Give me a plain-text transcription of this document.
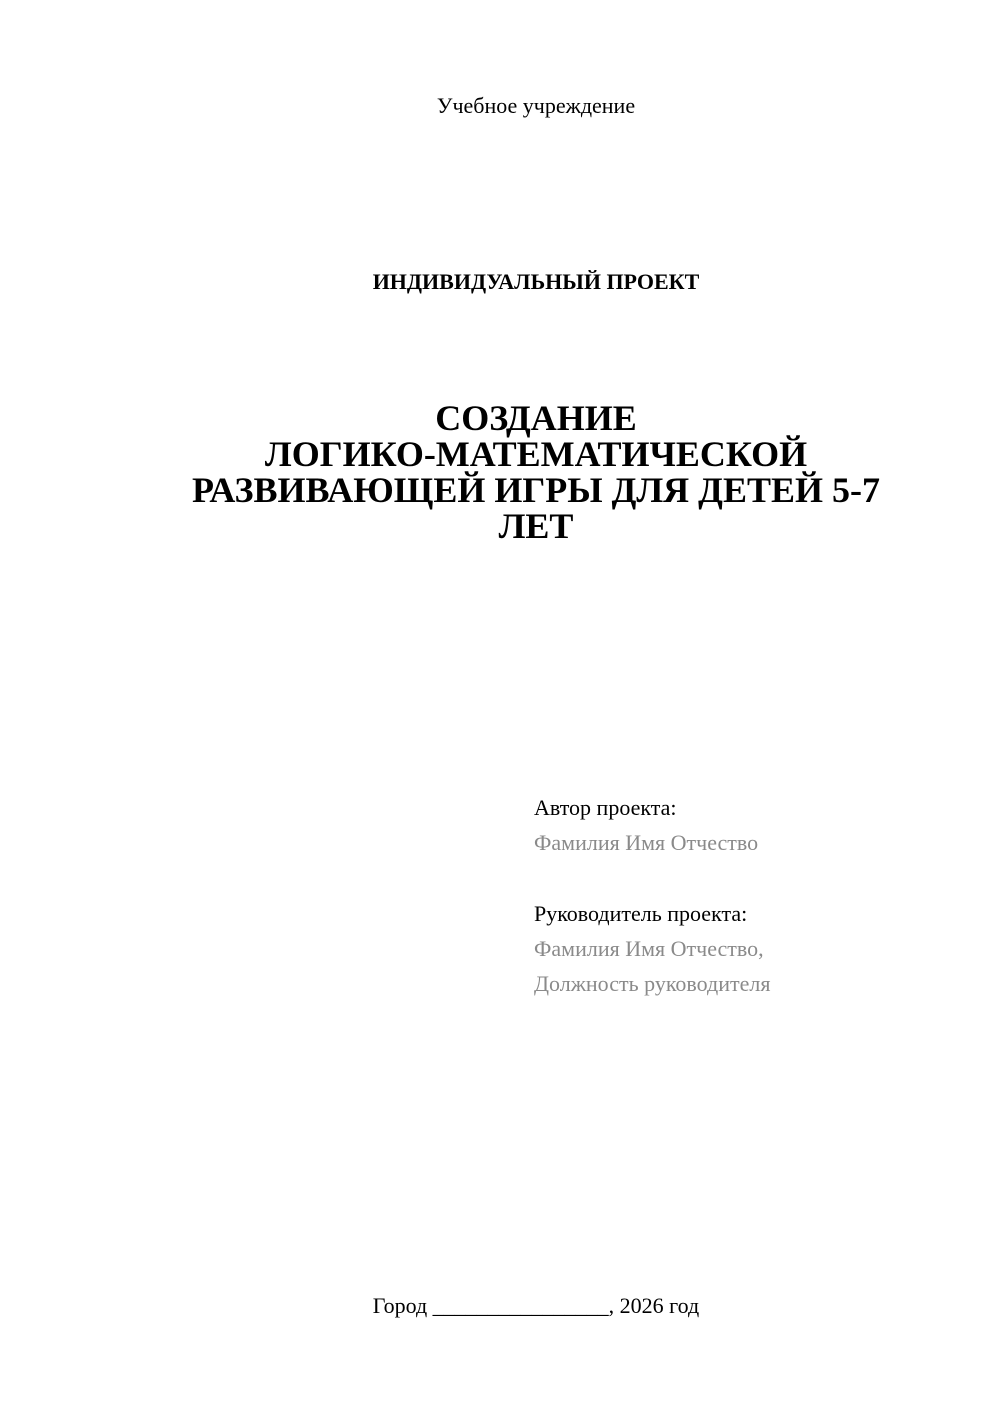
Учебное учреждение
ИНДИВИДУАЛЬНЫЙ ПРОЕКТ
СОЗДАНИЕ
ЛОГИКО-МАТЕМАТИЧЕСКОЙ
РАЗВИВАЮЩЕЙ ИГРЫ ДЛЯ ДЕТЕЙ 5-7
ЛЕТ
Автор проекта:
Фамилия Имя Отчество
Руководитель проекта:
Фамилия Имя Отчество,
Должность руководителя
Город ________________, 2026 год
